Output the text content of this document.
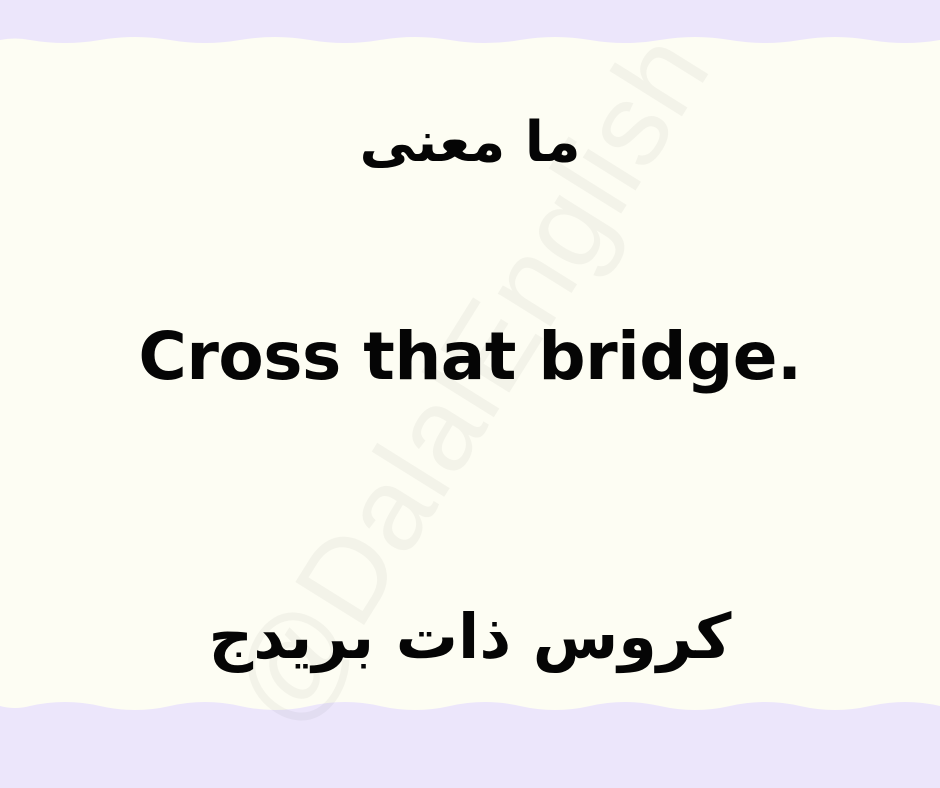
ما معنى
Cross that bridge.
كروس ذات بريدج
